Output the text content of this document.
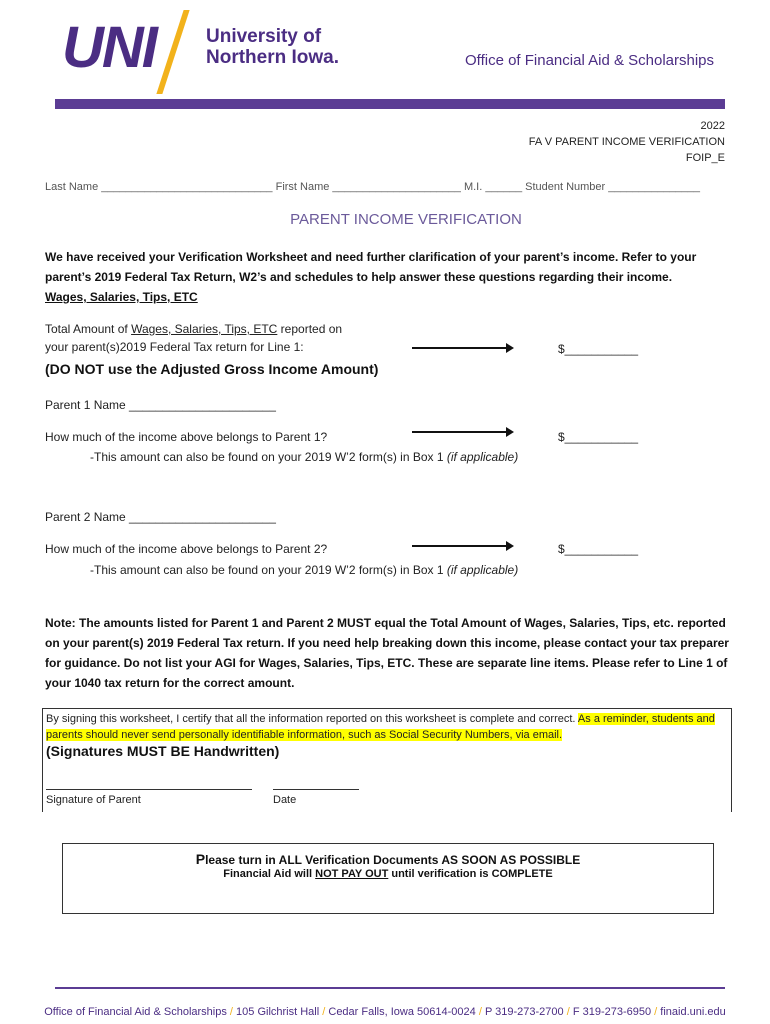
UNI	University of
Northern Iowa.	Office of Financial Aid & Scholarships
2022
FA V PARENT INCOME VERIFICATION
FOIP_E
Last Name ____________________________ First Name _____________________ M.I. ______ Student Number _______________
PARENT INCOME VERIFICATION
We have received your Verification Worksheet and need further clarification of your parent’s income. Refer to your parent’s 2019 Federal Tax Return, W2’s and schedules to help answer these questions regarding their income.
Wages, Salaries, Tips, ETC
Total Amount of Wages, Salaries, Tips, ETC reported on
your parent(s)2019 Federal Tax return for Line 1:	$___________
(DO NOT use the Adjusted Gross Income Amount)
Parent 1 Name ______________________
How much of the income above belongs to Parent 1?	$___________
-This amount can also be found on your 2019 W’2 form(s) in Box 1 (if applicable)
Parent 2 Name ______________________
How much of the income above belongs to Parent 2?	$___________
-This amount can also be found on your 2019 W’2 form(s) in Box 1 (if applicable)
Note: The amounts listed for Parent 1 and Parent 2 MUST equal the Total Amount of Wages, Salaries, Tips, etc. reported on your parent(s) 2019 Federal Tax return. If you need help breaking down this income, please contact your tax preparer for guidance. Do not list your AGI for Wages, Salaries, Tips, ETC. These are separate line items. Please refer to Line 1 of your 1040 tax return for the correct amount.
By signing this worksheet, I certify that all the information reported on this worksheet is complete and correct. As a reminder, students and parents should never send personally identifiable information, such as Social Security Numbers, via email.
(Signatures MUST BE Handwritten)
Signature of Parent	Date
Please turn in ALL Verification Documents AS SOON AS POSSIBLE
Financial Aid will NOT PAY OUT until verification is COMPLETE
Office of Financial Aid & Scholarships / 105 Gilchrist Hall / Cedar Falls, Iowa 50614-0024 / P 319-273-2700 / F 319-273-6950 / finaid.uni.edu
